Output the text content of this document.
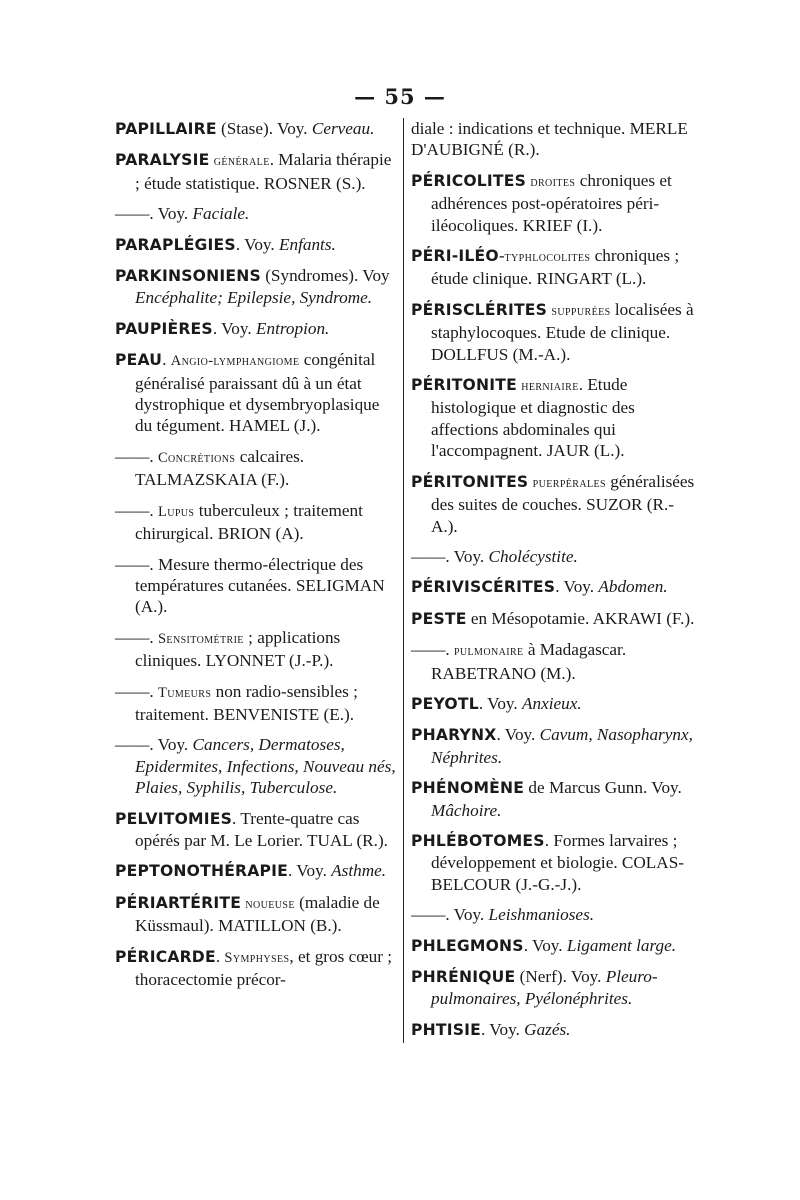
— 55 —
PAPILLAIRE (Stase). Voy. Cerveau.
PARALYSIE générale. Malaria thérapie ; étude statistique. ROSNER (S.).
——. Voy. Faciale.
PARAPLÉGIES. Voy. Enfants.
PARKINSONIENS (Syndromes). Voy Encéphalite; Epilepsie, Syndrome.
PAUPIÈRES. Voy. Entropion.
PEAU. Angio-lymphangiome congénital généralisé paraissant dû à un état dystrophique et dysembryoplasique du tégument. HAMEL (J.).
——. Concrétions calcaires. TALMAZSKAIA (F.).
——. Lupus tuberculeux ; traitement chirurgical. BRION (A).
——. Mesure thermo-électrique des températures cutanées. SELIGMAN (A.).
——. Sensitométrie ; applications cliniques. LYONNET (J.-P.).
——. Tumeurs non radio-sensibles ; traitement. BENVENISTE (E.).
——. Voy. Cancers, Dermatoses, Epidermites, Infections, Nouveau nés, Plaies, Syphilis, Tuberculose.
PELVITOMIES. Trente-quatre cas opérés par M. Le Lorier. TUAL (R.).
PEPTONOTHÉRAPIE. Voy. Asthme.
PÉRIARTÉRITE noueuse (maladie de Küssmaul). MATILLON (B.).
PÉRICARDE. Symphyses, et gros cœur ; thoracectomie précor-
diale : indications et technique. MERLE D'AUBIGNÉ (R.).
PÉRICOLITES droites chroniques et adhérences post-opératoires péri-iléocoliques. KRIEF (I.).
PÉRI-ILÉO-typhlocolites chroniques ; étude clinique. RINGART (L.).
PÉRISCLÉRITES suppurées localisées à staphylocoques. Etude de clinique. DOLLFUS (M.-A.).
PÉRITONITE herniaire. Etude histologique et diagnostic des affections abdominales qui l'accompagnent. JAUR (L.).
PÉRITONITES puerpérales généralisées des suites de couches. SUZOR (R.-A.).
——. Voy. Cholécystite.
PÉRIVISCÉRITES. Voy. Abdomen.
PESTE en Mésopotamie. AKRAWI (F.).
——. pulmonaire à Madagascar. RABETRANO (M.).
PEYOTL. Voy. Anxieux.
PHARYNX. Voy. Cavum, Nasopharynx, Néphrites.
PHÉNOMÈNE de Marcus Gunn. Voy. Mâchoire.
PHLÉBOTOMES. Formes larvaires ; développement et biologie. COLAS-BELCOUR (J.-G.-J.).
——. Voy. Leishmanioses.
PHLEGMONS. Voy. Ligament large.
PHRÉNIQUE (Nerf). Voy. Pleuro-pulmonaires, Pyélonéphrites.
PHTISIE. Voy. Gazés.
